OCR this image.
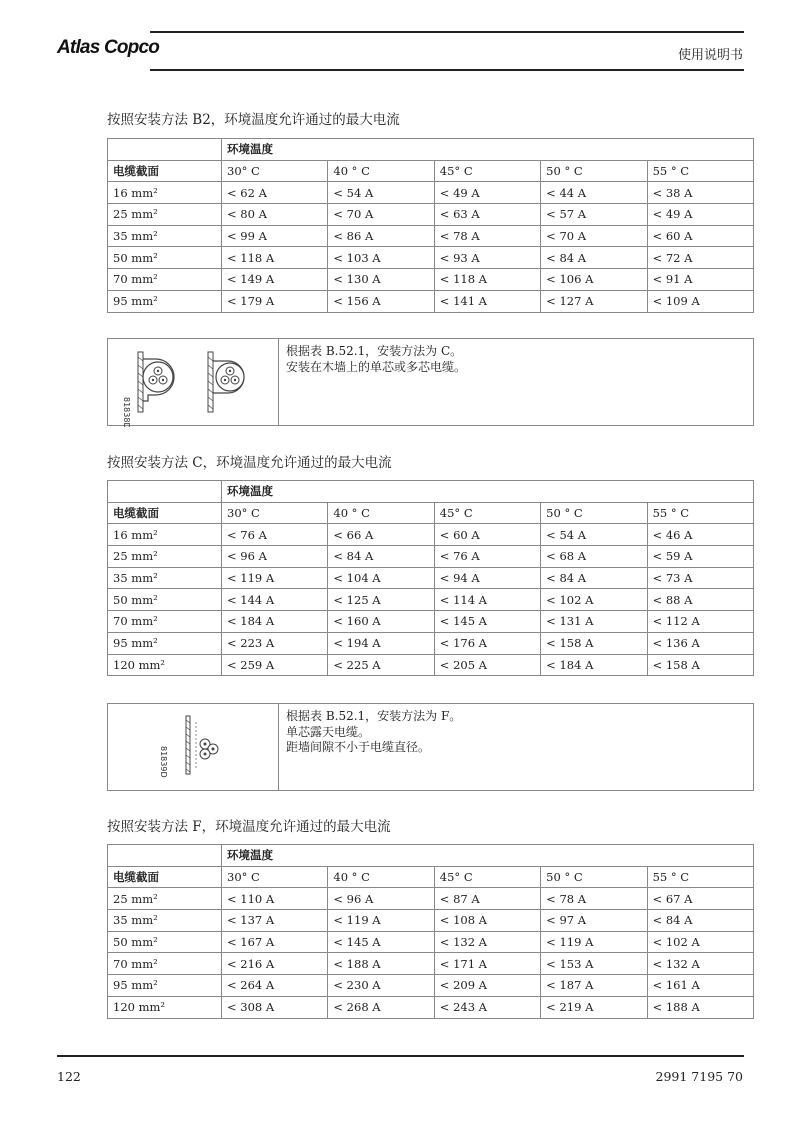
Atlas Copco	使用说明书
按照安装方法 B2，环境温度允许通过的最大电流
	环境温度				
电缆截面	30° C	40 ° C	45° C	50 ° C	55 ° C
16 mm²	< 62 A	< 54 A	< 49 A	< 44 A	< 38 A
25 mm²	< 80 A	< 70 A	< 63 A	< 57 A	< 49 A
35 mm²	< 99 A	< 86 A	< 78 A	< 70 A	< 60 A
50 mm²	< 118 A	< 103 A	< 93 A	< 84 A	< 72 A
70 mm²	< 149 A	< 130 A	< 118 A	< 106 A	< 91 A
95 mm²	< 179 A	< 156 A	< 141 A	< 127 A	< 109 A
81838D
根据表 B.52.1，安装方法为 C。
安装在木墙上的单芯或多芯电缆。
按照安装方法 C，环境温度允许通过的最大电流
	环境温度				
电缆截面	30° C	40 ° C	45° C	50 ° C	55 ° C
16 mm²	< 76 A	< 66 A	< 60 A	< 54 A	< 46 A
25 mm²	< 96 A	< 84 A	< 76 A	< 68 A	< 59 A
35 mm²	< 119 A	< 104 A	< 94 A	< 84 A	< 73 A
50 mm²	< 144 A	< 125 A	< 114 A	< 102 A	< 88 A
70 mm²	< 184 A	< 160 A	< 145 A	< 131 A	< 112 A
95 mm²	< 223 A	< 194 A	< 176 A	< 158 A	< 136 A
120 mm²	< 259 A	< 225 A	< 205 A	< 184 A	< 158 A
81839D
根据表 B.52.1，安装方法为 F。
单芯露天电缆。
距墙间隙不小于电缆直径。
按照安装方法 F，环境温度允许通过的最大电流
	环境温度				
电缆截面	30° C	40 ° C	45° C	50 ° C	55 ° C
25 mm²	< 110 A	< 96 A	< 87 A	< 78 A	< 67 A
35 mm²	< 137 A	< 119 A	< 108 A	< 97 A	< 84 A
50 mm²	< 167 A	< 145 A	< 132 A	< 119 A	< 102 A
70 mm²	< 216 A	< 188 A	< 171 A	< 153 A	< 132 A
95 mm²	< 264 A	< 230 A	< 209 A	< 187 A	< 161 A
120 mm²	< 308 A	< 268 A	< 243 A	< 219 A	< 188 A
122	2991 7195 70
